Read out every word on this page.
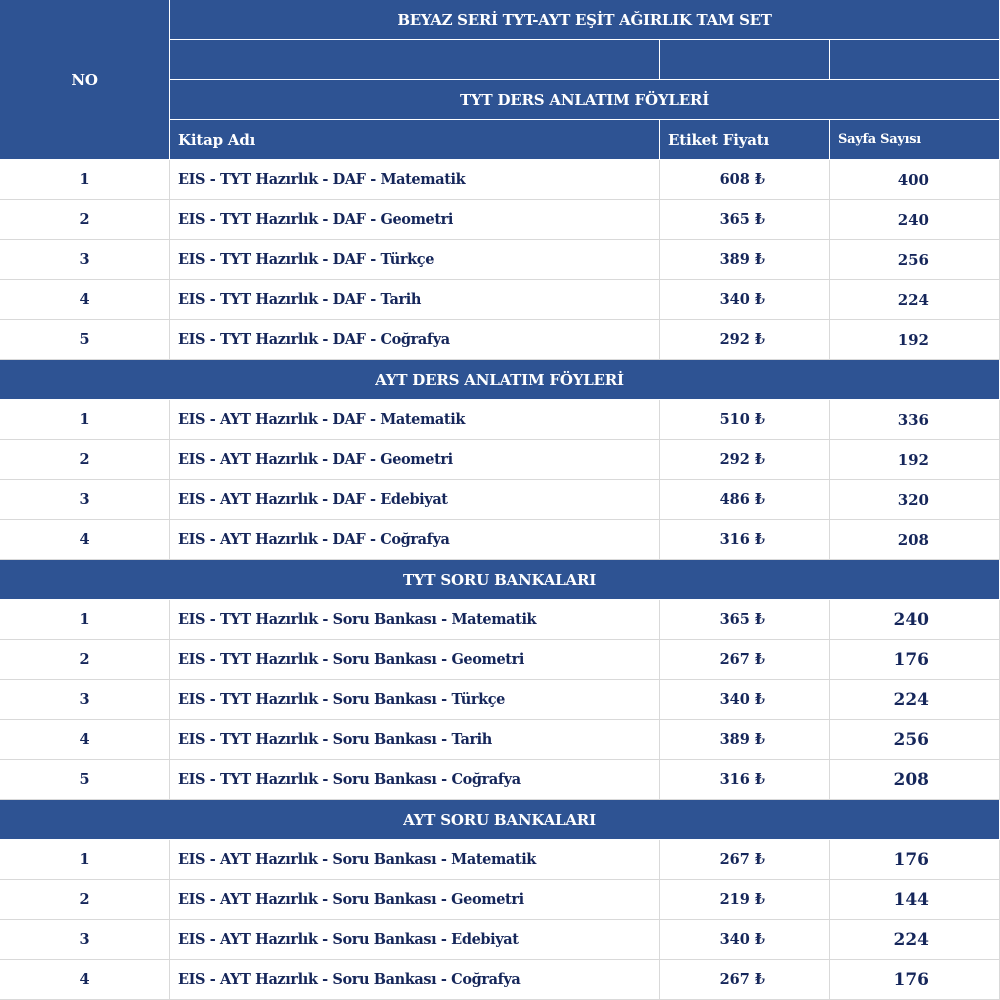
NO
BEYAZ SERİ TYT-AYT EŞİT AĞIRLIK TAM SET
TYT DERS ANLATIM FÖYLERİ
Kitap Adı	Etiket Fiyatı	Sayfa Sayısı
1	EIS - TYT Hazırlık - DAF - Matematik	608 ₺	400
2	EIS - TYT Hazırlık - DAF - Geometri	365 ₺	240
3	EIS - TYT Hazırlık - DAF - Türkçe	389 ₺	256
4	EIS - TYT Hazırlık - DAF - Tarih	340 ₺	224
5	EIS - TYT Hazırlık - DAF - Coğrafya	292 ₺	192
AYT DERS ANLATIM FÖYLERİ
1	EIS - AYT Hazırlık - DAF - Matematik	510 ₺	336
2	EIS - AYT Hazırlık - DAF - Geometri	292 ₺	192
3	EIS - AYT Hazırlık - DAF - Edebiyat	486 ₺	320
4	EIS - AYT Hazırlık - DAF - Coğrafya	316 ₺	208
TYT SORU BANKALARI
1	EIS - TYT Hazırlık - Soru Bankası - Matematik	365 ₺	240
2	EIS - TYT Hazırlık - Soru Bankası - Geometri	267 ₺	176
3	EIS - TYT Hazırlık - Soru Bankası - Türkçe	340 ₺	224
4	EIS - TYT Hazırlık - Soru Bankası - Tarih	389 ₺	256
5	EIS - TYT Hazırlık - Soru Bankası - Coğrafya	316 ₺	208
AYT SORU BANKALARI
1	EIS - AYT Hazırlık - Soru Bankası - Matematik	267 ₺	176
2	EIS - AYT Hazırlık - Soru Bankası - Geometri	219 ₺	144
3	EIS - AYT Hazırlık - Soru Bankası - Edebiyat	340 ₺	224
4	EIS - AYT Hazırlık - Soru Bankası - Coğrafya	267 ₺	176
